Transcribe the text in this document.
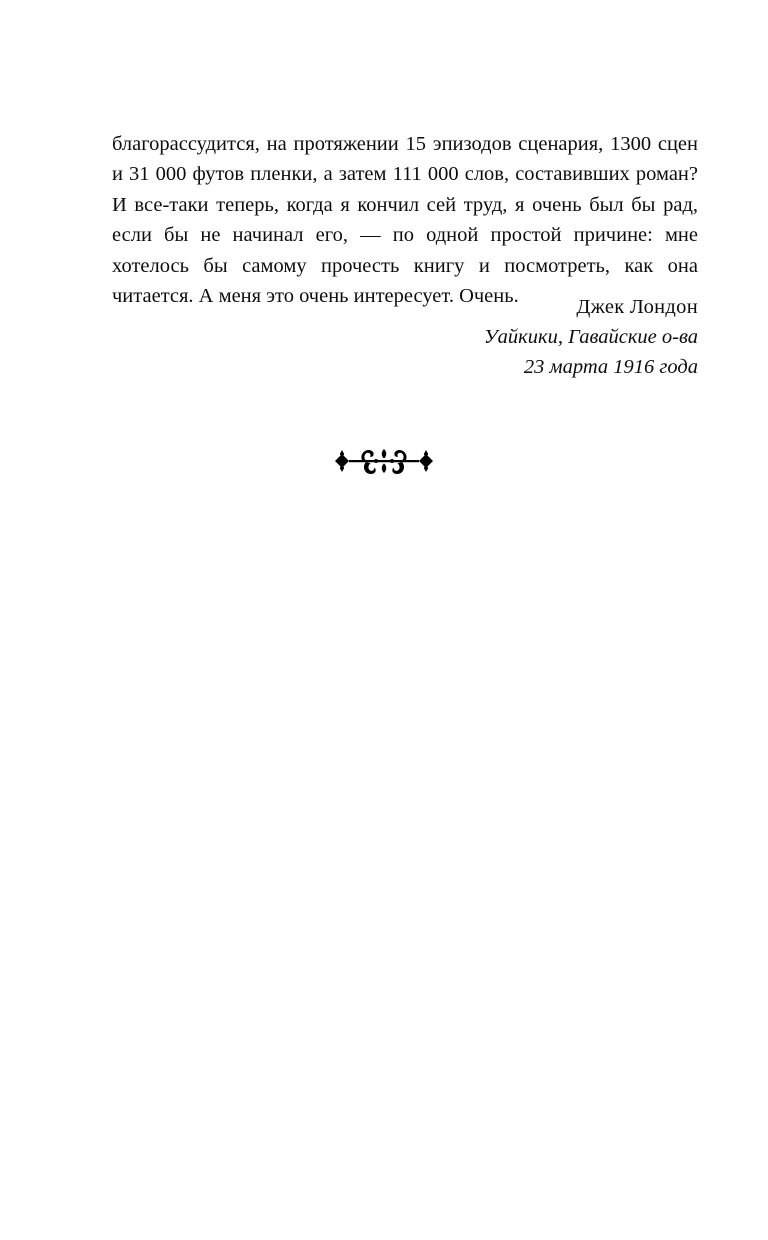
благорассудится, на протяжении 15 эпизодов сценария, 1300 сцен и 31 000 футов пленки, а затем 111 000 слов, составивших роман? И все-таки теперь, когда я кончил сей труд, я очень был бы рад, если бы не начинал его, — по одной простой причине: мне хотелось бы самому прочесть книгу и посмотреть, как она читается. А меня это очень интересует. Очень.	Джек Лондон
Уайкики, Гавайские о-ва
23 марта 1916 года
